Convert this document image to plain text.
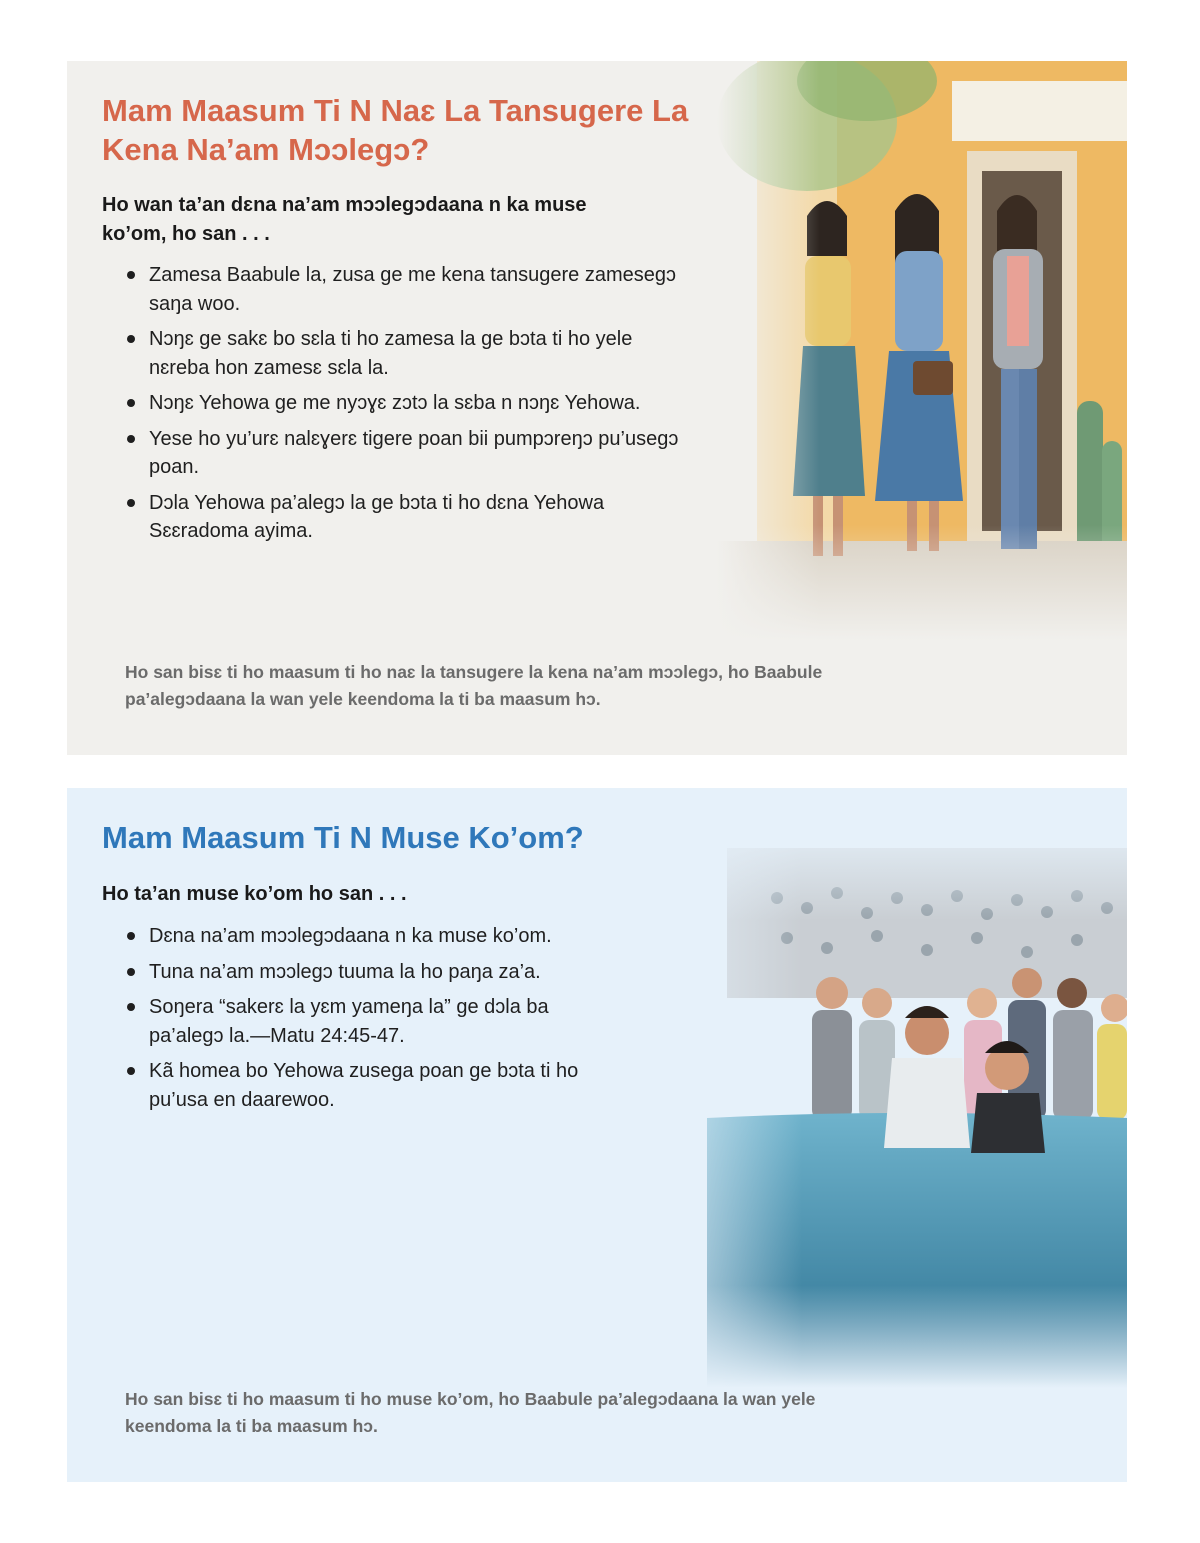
Mam Maasum Ti N Naɛ La Tansugere La Kena Na’am Mɔɔlegɔ?

Ho wan ta’an dɛna na’am mɔɔlegɔdaana n ka muse ko’om, ho san . . .

Zamesa Baabule la, zusa ge me kena tansugere zamesegɔ saŋa woo.
Nɔŋɛ ge sakɛ bo sɛla ti ho zamesa la ge bɔta ti ho yele nɛreba hon zamesɛ sɛla la.
Nɔŋɛ Yehowa ge me nyɔɣɛ zɔtɔ la sɛba n nɔŋɛ Yehowa.
Yese ho yu’urɛ nalɛɣerɛ tigere poan bii pumpɔreŋɔ pu’usegɔ poan.
Dɔla Yehowa pa’alegɔ la ge bɔta ti ho dɛna Yehowa Sɛɛradoma ayima.

Ho san bisɛ ti ho maasum ti ho naɛ la tansugere la kena na’am mɔɔlegɔ, ho Baabule pa’alegɔdaana la wan yele keendoma la ti ba maasum hɔ.

Mam Maasum Ti N Muse Ko’om?

Ho ta’an muse ko’om ho san . . .

Dɛna na’am mɔɔlegɔdaana n ka muse ko’om.
Tuna na’am mɔɔlegɔ tuuma la ho paŋa za’a.
Soŋera “sakerɛ la yɛm yameŋa la” ge dɔla ba pa’alegɔ la.—Matu 24:45-47.
Kã homea bo Yehowa zusega poan ge bɔta ti ho pu’usa en daarewoo.

Ho san bisɛ ti ho maasum ti ho muse ko’om, ho Baabule pa’alegɔdaana la wan yele keendoma la ti ba maasum hɔ.
